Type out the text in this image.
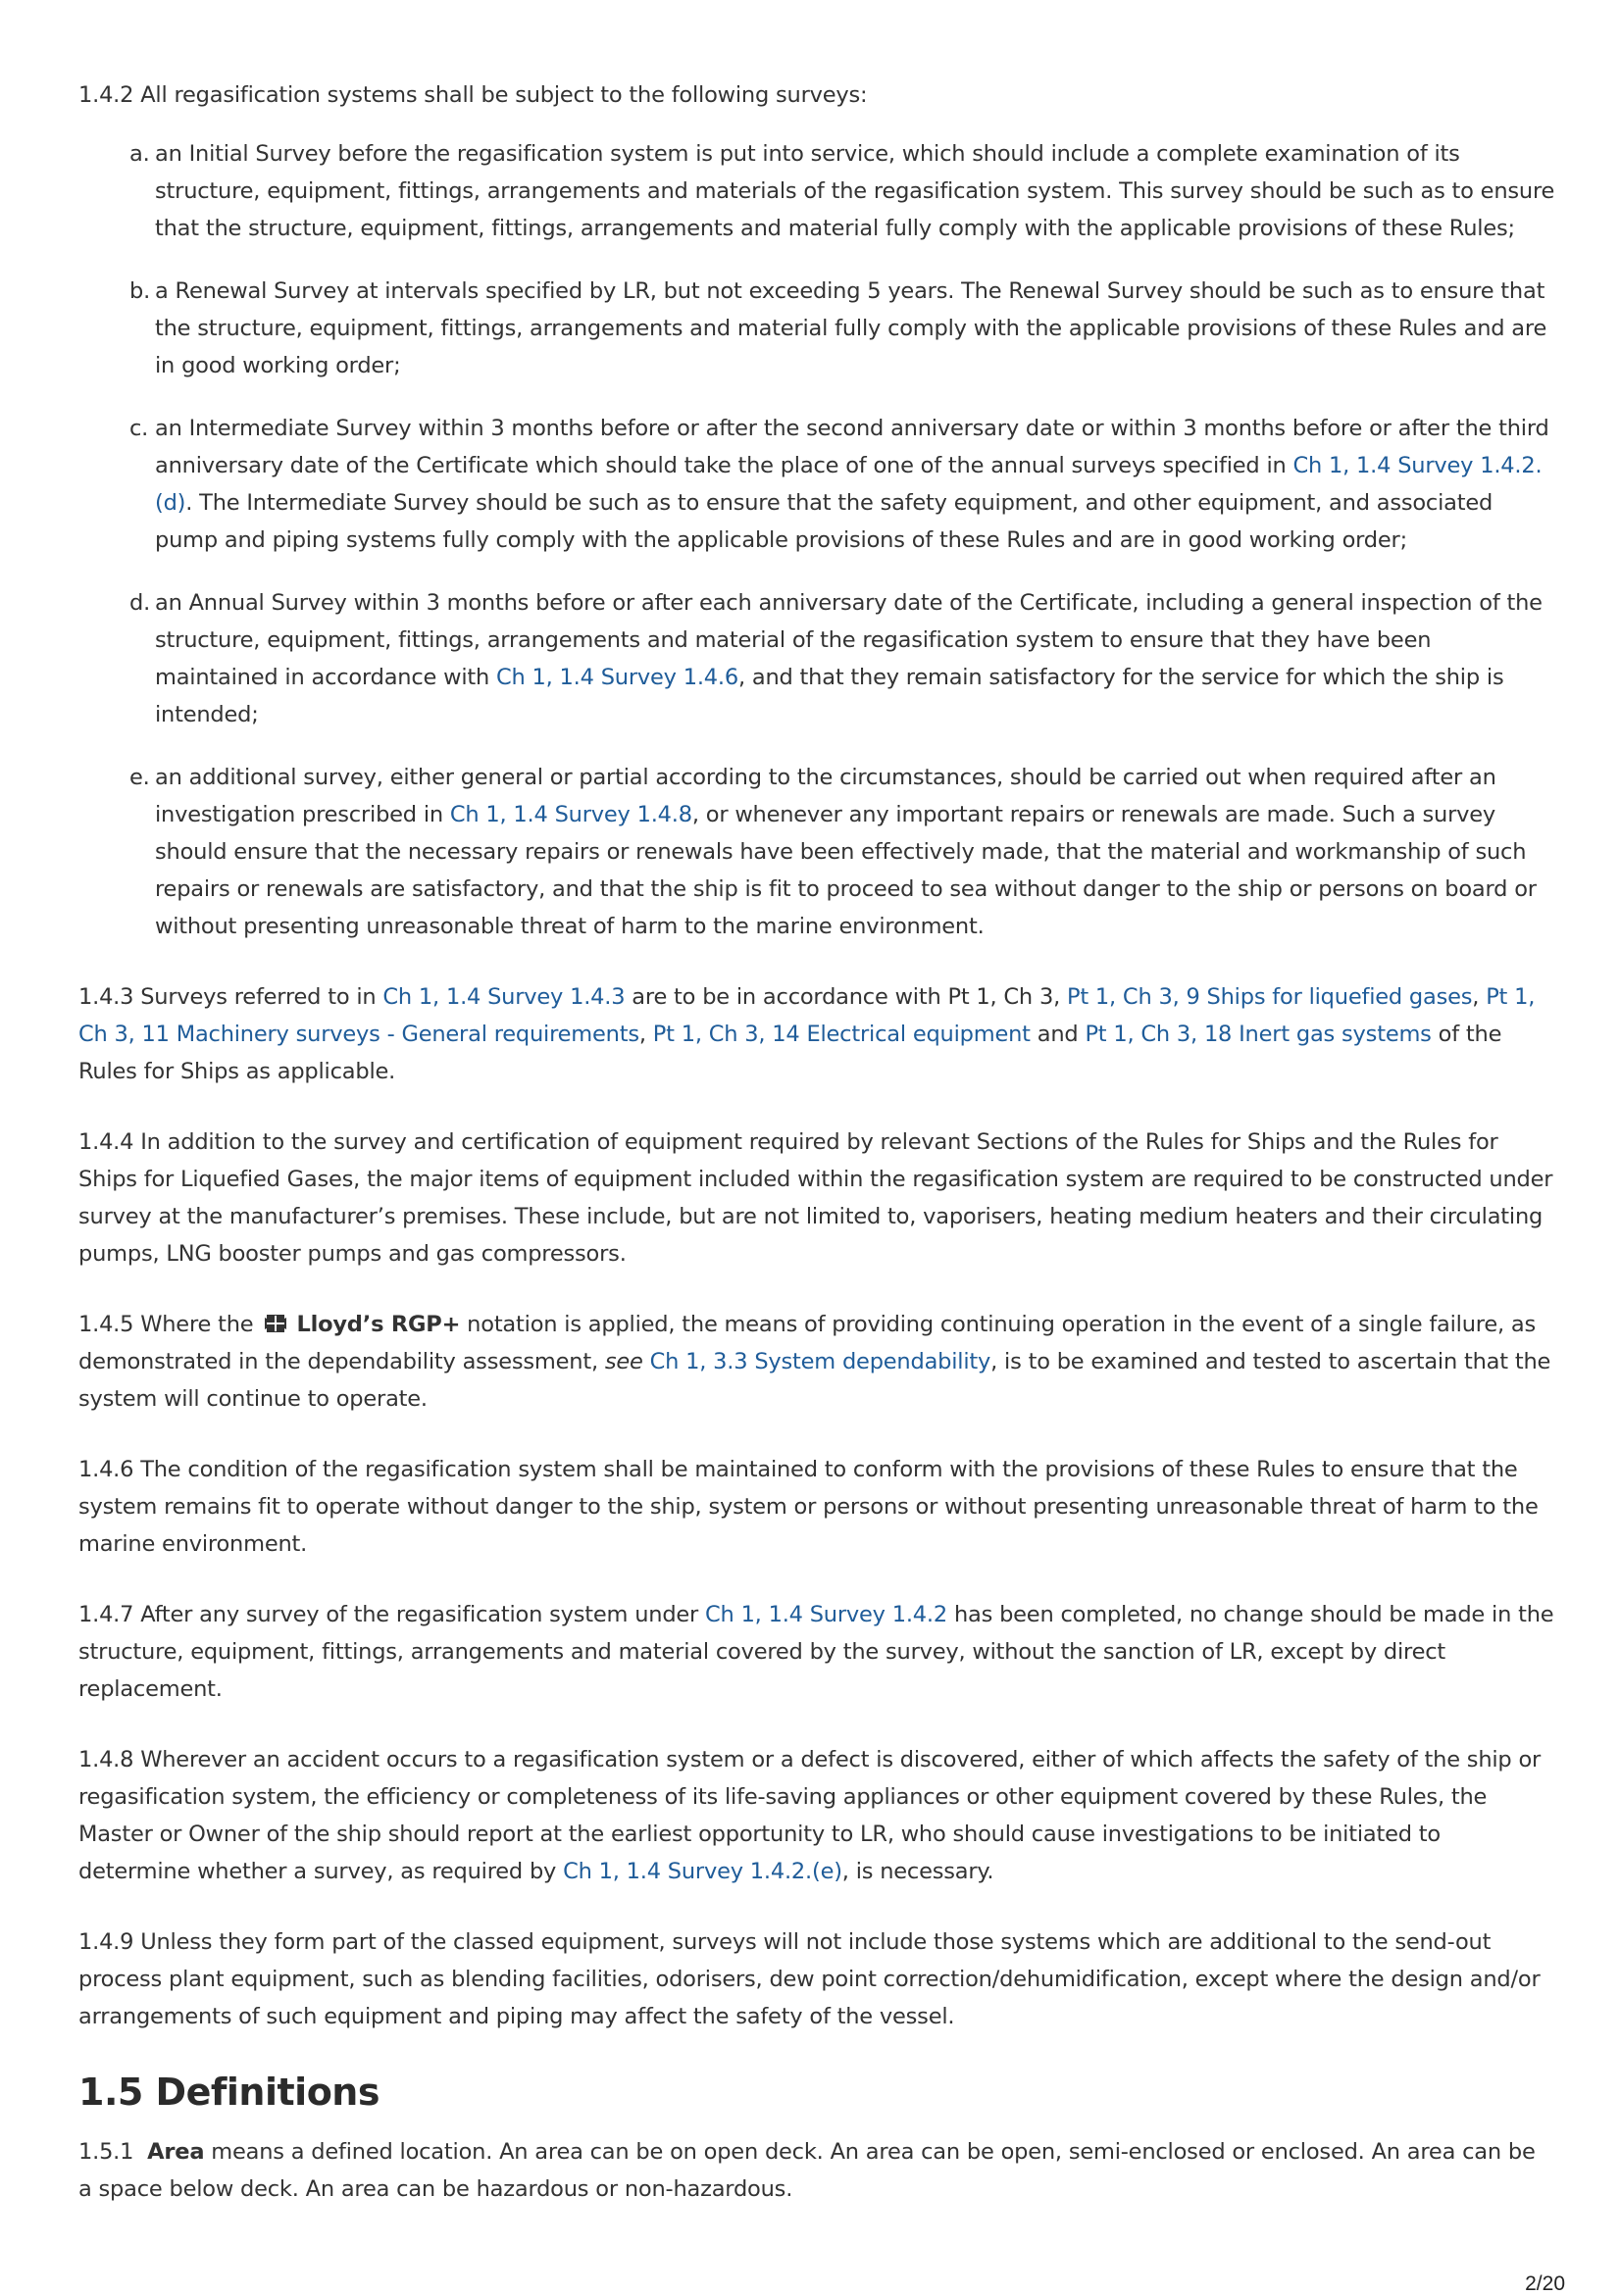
1.4.2 All regasification systems shall be subject to the following surveys:

a. an Initial Survey before the regasification system is put into service, which should include a complete examination of its structure, equipment, fittings, arrangements and materials of the regasification system. This survey should be such as to ensure that the structure, equipment, fittings, arrangements and material fully comply with the applicable provisions of these Rules;
b. a Renewal Survey at intervals specified by LR, but not exceeding 5 years. The Renewal Survey should be such as to ensure that the structure, equipment, fittings, arrangements and material fully comply with the applicable provisions of these Rules and are in good working order;
c. an Intermediate Survey within 3 months before or after the second anniversary date or within 3 months before or after the third anniversary date of the Certificate which should take the place of one of the annual surveys specified in Ch 1, 1.4 Survey 1.4.2.(d). The Intermediate Survey should be such as to ensure that the safety equipment, and other equipment, and associated pump and piping systems fully comply with the applicable provisions of these Rules and are in good working order;
d. an Annual Survey within 3 months before or after each anniversary date of the Certificate, including a general inspection of the structure, equipment, fittings, arrangements and material of the regasification system to ensure that they have been maintained in accordance with Ch 1, 1.4 Survey 1.4.6, and that they remain satisfactory for the service for which the ship is intended;
e. an additional survey, either general or partial according to the circumstances, should be carried out when required after an investigation prescribed in Ch 1, 1.4 Survey 1.4.8, or whenever any important repairs or renewals are made. Such a survey should ensure that the necessary repairs or renewals have been effectively made, that the material and workmanship of such repairs or renewals are satisfactory, and that the ship is fit to proceed to sea without danger to the ship or persons on board or without presenting unreasonable threat of harm to the marine environment.

1.4.3 Surveys referred to in Ch 1, 1.4 Survey 1.4.3 are to be in accordance with Pt 1, Ch 3, Pt 1, Ch 3, 9 Ships for liquefied gases, Pt 1, Ch 3, 11 Machinery surveys - General requirements, Pt 1, Ch 3, 14 Electrical equipment and Pt 1, Ch 3, 18 Inert gas systems of the Rules for Ships as applicable.

1.4.4 In addition to the survey and certification of equipment required by relevant Sections of the Rules for Ships and the Rules for Ships for Liquefied Gases, the major items of equipment included within the regasification system are required to be constructed under survey at the manufacturer’s premises. These include, but are not limited to, vaporisers, heating medium heaters and their circulating pumps, LNG booster pumps and gas compressors.

1.4.5 Where the Lloyd’s RGP+ notation is applied, the means of providing continuing operation in the event of a single failure, as demonstrated in the dependability assessment, see Ch 1, 3.3 System dependability, is to be examined and tested to ascertain that the system will continue to operate.

1.4.6 The condition of the regasification system shall be maintained to conform with the provisions of these Rules to ensure that the system remains fit to operate without danger to the ship, system or persons or without presenting unreasonable threat of harm to the marine environment.

1.4.7 After any survey of the regasification system under Ch 1, 1.4 Survey 1.4.2 has been completed, no change should be made in the structure, equipment, fittings, arrangements and material covered by the survey, without the sanction of LR, except by direct replacement.

1.4.8 Wherever an accident occurs to a regasification system or a defect is discovered, either of which affects the safety of the ship or regasification system, the efficiency or completeness of its life-saving appliances or other equipment covered by these Rules, the Master or Owner of the ship should report at the earliest opportunity to LR, who should cause investigations to be initiated to determine whether a survey, as required by Ch 1, 1.4 Survey 1.4.2.(e), is necessary.

1.4.9 Unless they form part of the classed equipment, surveys will not include those systems which are additional to the send-out process plant equipment, such as blending facilities, odorisers, dew point correction/dehumidification, except where the design and/or arrangements of such equipment and piping may affect the safety of the vessel.

1.5 Definitions

1.5.1 Area means a defined location. An area can be on open deck. An area can be open, semi-enclosed or enclosed. An area can be a space below deck. An area can be hazardous or non-hazardous.

2/20
